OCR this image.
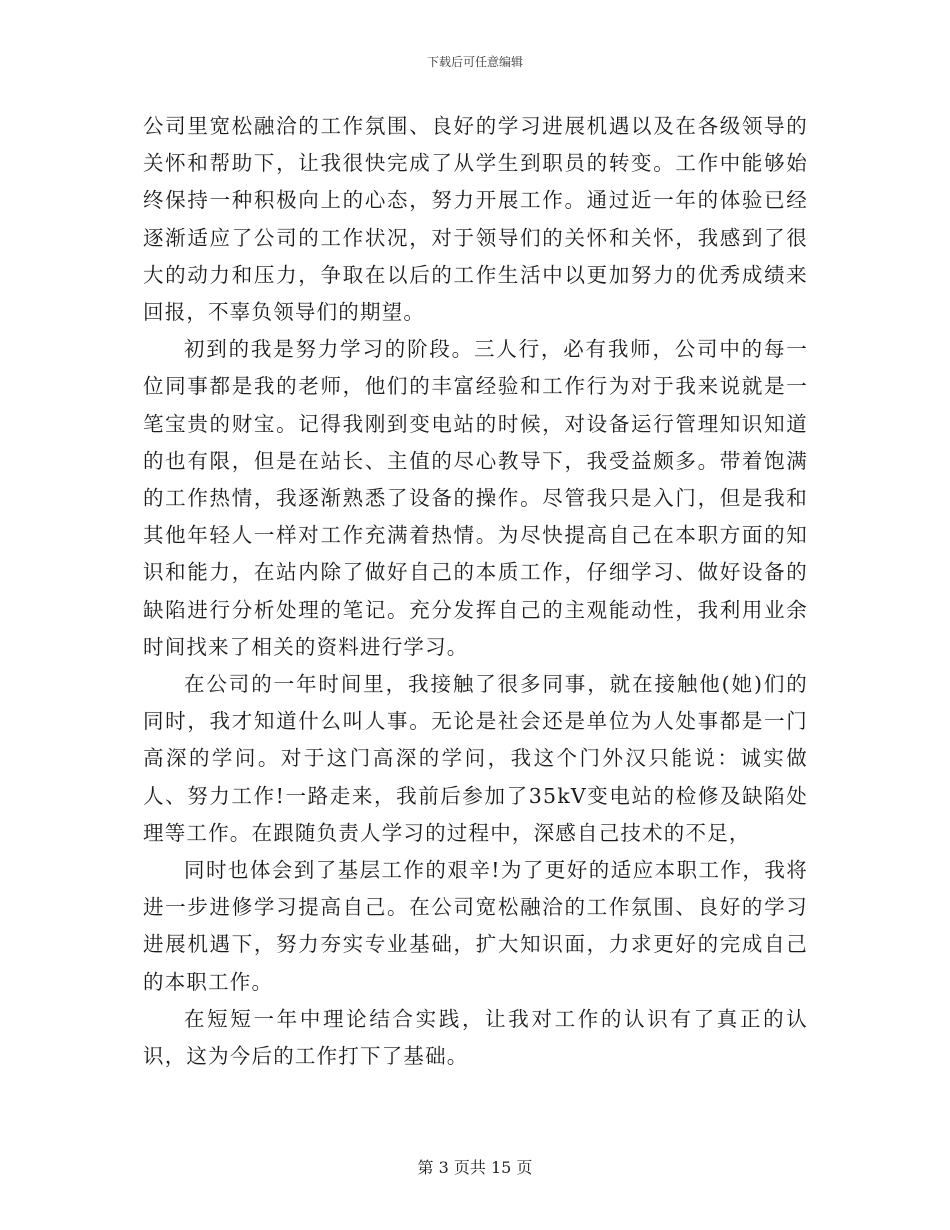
下载后可任意编辑

公司里宽松融洽的工作氛围、良好的学习进展机遇以及在各级领导的关怀和帮助下，让我很快完成了从学生到职员的转变。工作中能够始终保持一种积极向上的心态，努力开展工作。通过近一年的体验已经逐渐适应了公司的工作状况，对于领导们的关怀和关怀，我感到了很大的动力和压力，争取在以后的工作生活中以更加努力的优秀成绩来回报，不辜负领导们的期望。

初到的我是努力学习的阶段。三人行，必有我师，公司中的每一位同事都是我的老师，他们的丰富经验和工作行为对于我来说就是一笔宝贵的财宝。记得我刚到变电站的时候，对设备运行管理知识知道的也有限，但是在站长、主值的尽心教导下，我受益颇多。带着饱满的工作热情，我逐渐熟悉了设备的操作。尽管我只是入门，但是我和其他年轻人一样对工作充满着热情。为尽快提高自己在本职方面的知识和能力，在站内除了做好自己的本质工作，仔细学习、做好设备的缺陷进行分析处理的笔记。充分发挥自己的主观能动性，我利用业余时间找来了相关的资料进行学习。

在公司的一年时间里，我接触了很多同事，就在接触他(她)们的同时，我才知道什么叫人事。无论是社会还是单位为人处事都是一门高深的学问。对于这门高深的学问，我这个门外汉只能说：诚实做人、努力工作!一路走来，我前后参加了35kV变电站的检修及缺陷处理等工作。在跟随负责人学习的过程中，深感自己技术的不足，

同时也体会到了基层工作的艰辛!为了更好的适应本职工作，我将进一步进修学习提高自己。在公司宽松融洽的工作氛围、良好的学习进展机遇下，努力夯实专业基础，扩大知识面，力求更好的完成自己的本职工作。

在短短一年中理论结合实践，让我对工作的认识有了真正的认识，这为今后的工作打下了基础。

第 3 页共 15 页
